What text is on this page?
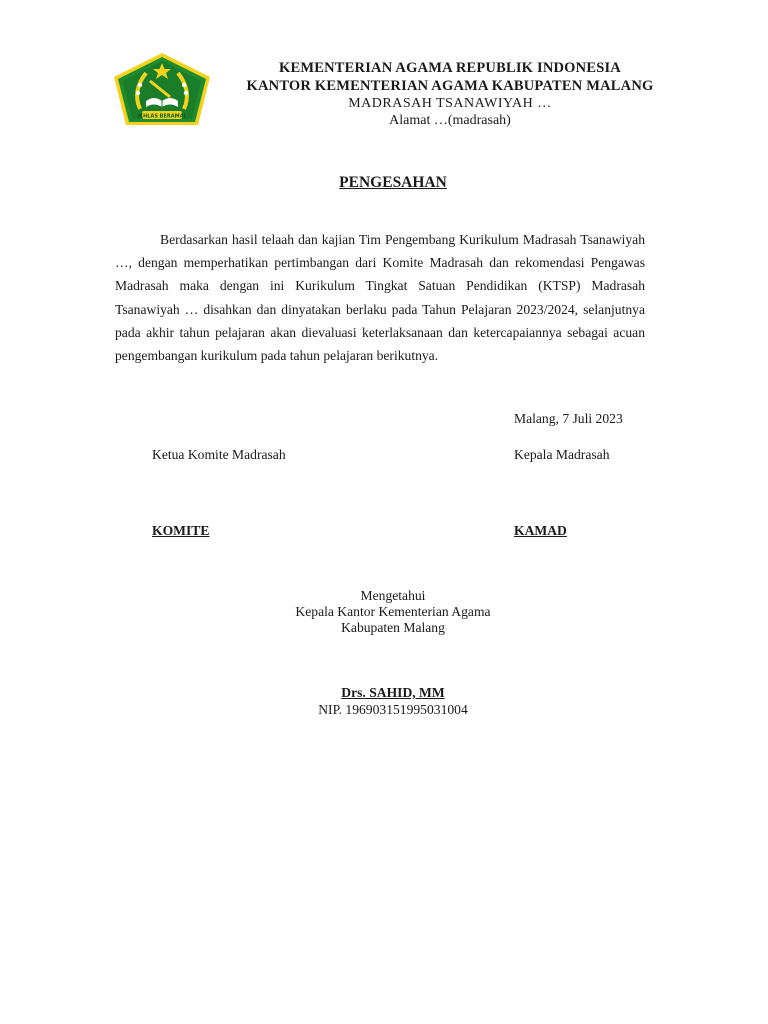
IKHLAS BERAMAL
KEMENTERIAN AGAMA REPUBLIK INDONESIA
KANTOR KEMENTERIAN AGAMA KABUPATEN MALANG
MADRASAH TSANAWIYAH …
Alamat …(madrasah)
PENGESAHAN
Berdasarkan hasil telaah dan kajian Tim Pengembang Kurikulum Madrasah Tsanawiyah …, dengan memperhatikan pertimbangan dari Komite Madrasah dan rekomendasi Pengawas Madrasah maka dengan ini Kurikulum Tingkat Satuan Pendidikan (KTSP) Madrasah Tsanawiyah … disahkan dan dinyatakan berlaku pada Tahun Pelajaran 2023/2024, selanjutnya pada akhir tahun pelajaran akan dievaluasi keterlaksanaan dan ketercapaiannya sebagai acuan pengembangan kurikulum pada tahun pelajaran berikutnya.
Malang, 7 Juli 2023
Ketua Komite Madrasah	Kepala Madrasah
KOMITE	KAMAD
Mengetahui
Kepala Kantor Kementerian Agama
Kabupaten Malang
Drs. SAHID, MM
NIP. 196903151995031004
